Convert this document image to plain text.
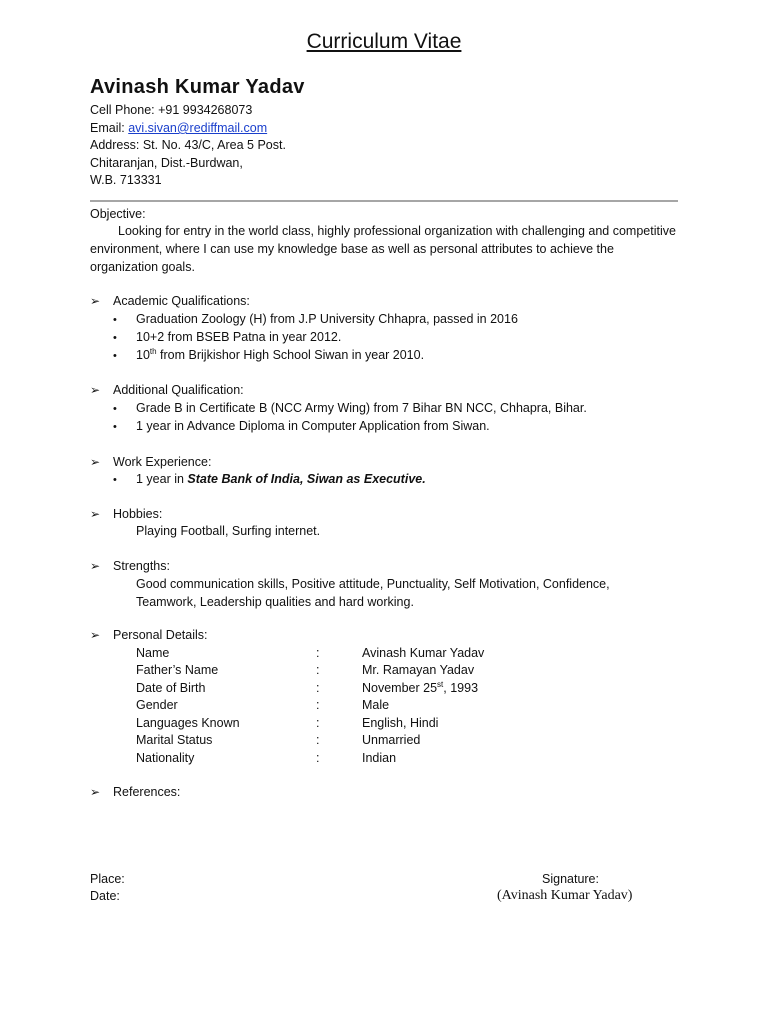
Curriculum Vitae
Avinash Kumar Yadav
Cell Phone: +91 9934268073
Email: avi.sivan@rediffmail.com
Address: St. No. 43/C, Area 5 Post.
Chitaranjan, Dist.-Burdwan,
W.B. 713331
Objective:
Looking for entry in the world class, highly professional organization with challenging and competitive environment, where I can use my knowledge base as well as personal attributes to achieve the organization goals.
➢ Academic Qualifications:
• Graduation Zoology (H) from J.P University Chhapra, passed in 2016
• 10+2 from BSEB Patna in year 2012.
• 10th from Brijkishor High School Siwan in year 2010.
➢ Additional Qualification:
• Grade B in Certificate B (NCC Army Wing) from 7 Bihar BN NCC, Chhapra, Bihar.
• 1 year in Advance Diploma in Computer Application from Siwan.
➢ Work Experience:
• 1 year in State Bank of India, Siwan as Executive.
➢ Hobbies:
Playing Football, Surfing internet.
➢ Strengths:
Good communication skills, Positive attitude, Punctuality, Self Motivation, Confidence,
Teamwork, Leadership qualities and hard working.
➢ Personal Details:
Name	:	Avinash Kumar Yadav
Father’s Name	:	Mr. Ramayan Yadav
Date of Birth	:	November 25st, 1993
Gender	:	Male
Languages Known	:	English, Hindi
Marital Status	:	Unmarried
Nationality	:	Indian
➢ References:
Place:
Date:
Signature:
(Avinash Kumar Yadav)
